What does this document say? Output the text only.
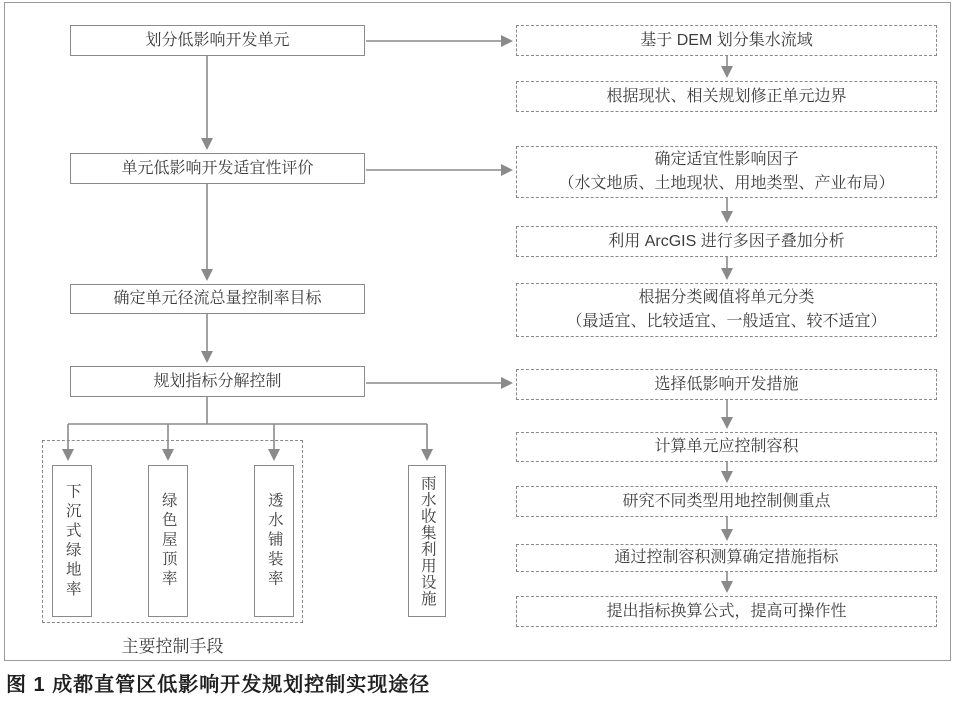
划分低影响开发单元
单元低影响开发适宜性评价
确定单元径流总量控制率目标
规划指标分解控制
基于 DEM 划分集水流域
根据现状、相关规划修正单元边界
确定适宜性影响因子
（水文地质、土地现状、用地类型、产业布局）
利用 ArcGIS 进行多因子叠加分析
根据分类阈值将单元分类
（最适宜、比较适宜、一般适宜、较不适宜）
选择低影响开发措施
计算单元应控制容积
研究不同类型用地控制侧重点
通过控制容积测算确定措施指标
提出指标换算公式，提高可操作性
下沉式绿地率	绿色屋顶率	透水铺装率	雨水收集利用设施
主要控制手段
图 1 成都直管区低影响开发规划控制实现途径
